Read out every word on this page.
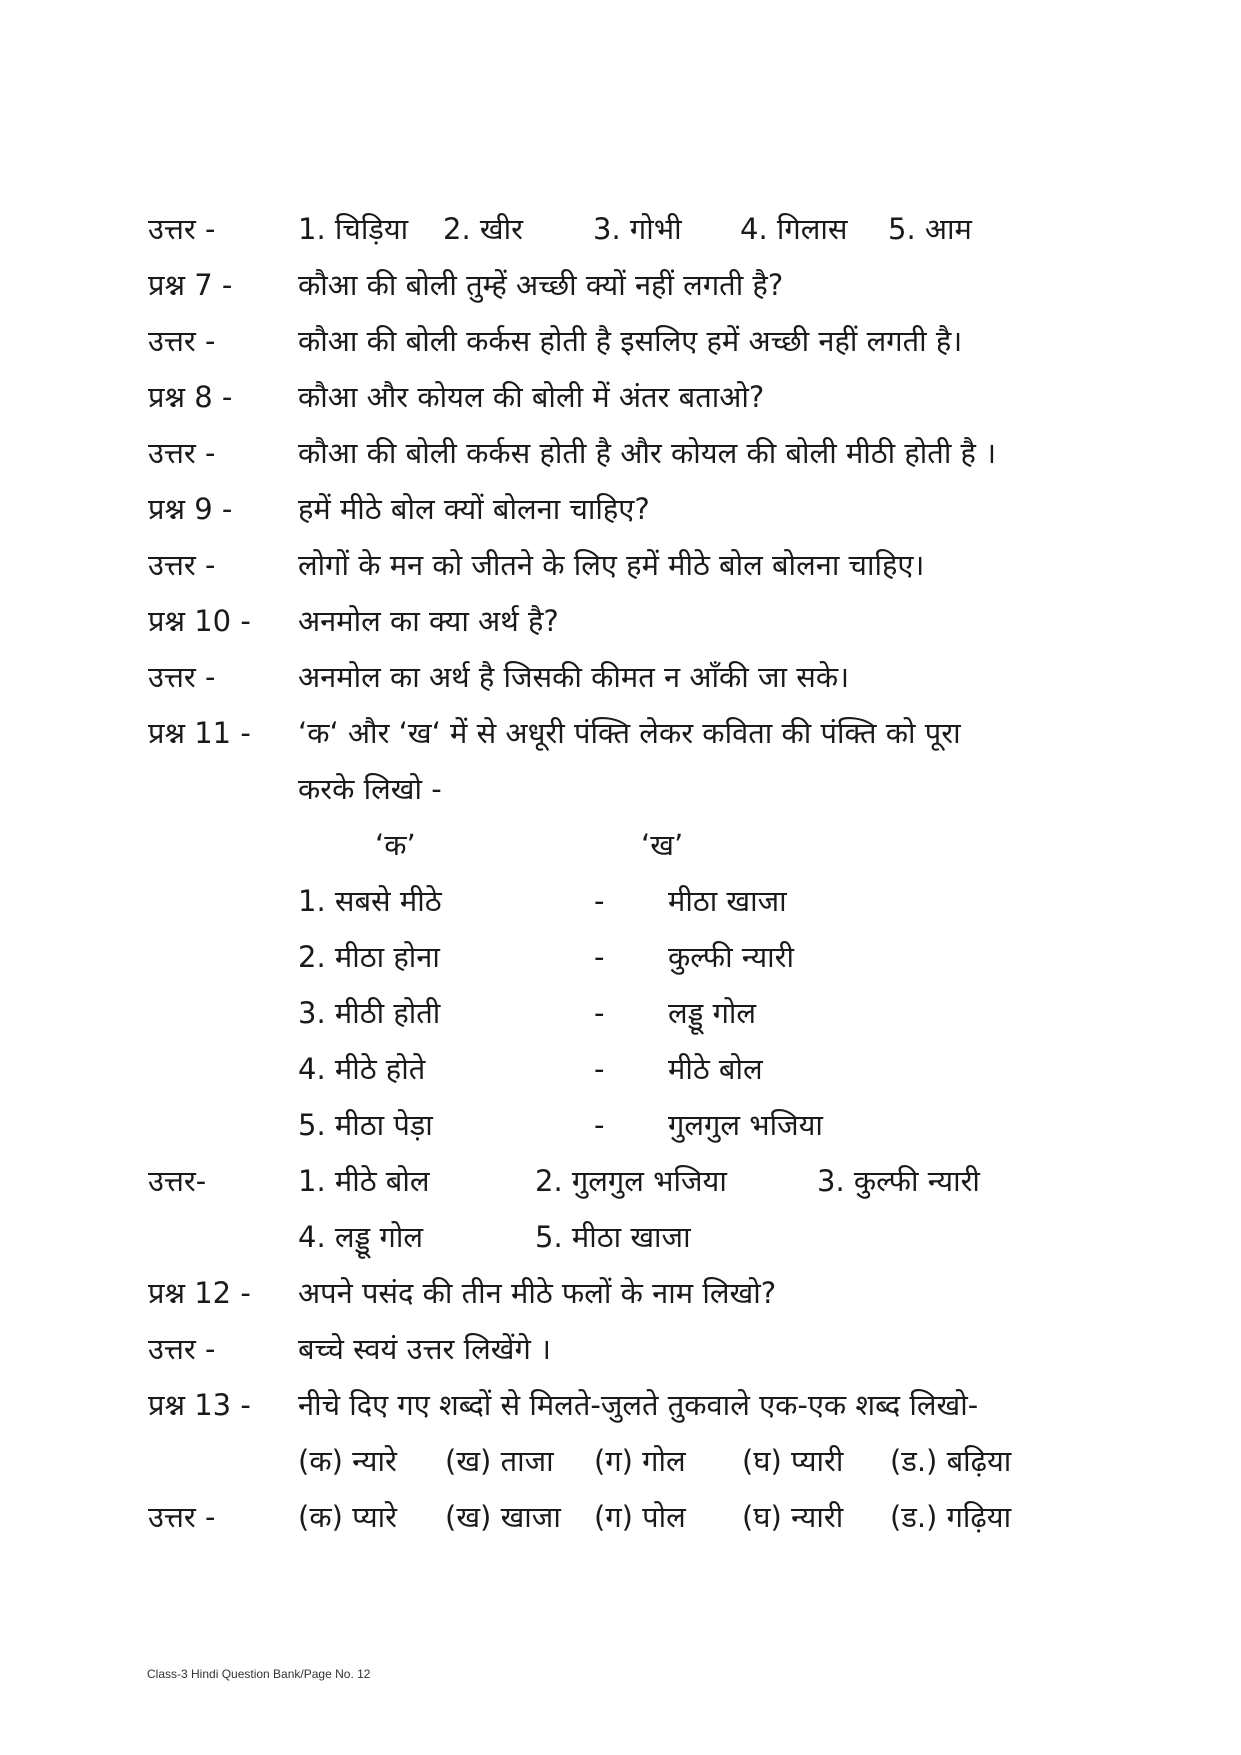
उत्तर -	1. चिड़िया 2. खीर 3. गोभी 4. गिलास 5. आम
प्रश्न 7 - कौआ की बोली तुम्हें अच्छी क्यों नहीं लगती है?
उत्तर -	कौआ की बोली कर्कस होती है इसलिए हमें अच्छी नहीं लगती है।
प्रश्न 8 - कौआ और कोयल की बोली में अंतर बताओ?
उत्तर -	कौआ की बोली कर्कस होती है और कोयल की बोली मीठी होती है ।
प्रश्न 9 - हमें मीठे बोल क्यों बोलना चाहिए?
उत्तर -	लोगों के मन को जीतने के लिए हमें मीठे बोल बोलना चाहिए।
प्रश्न 10 - अनमोल का क्या अर्थ है?
उत्तर -	अनमोल का अर्थ है जिसकी कीमत न आँकी जा सके।
प्रश्न 11 - ‘क‘ और ‘ख‘ में से अधूरी पंक्ति लेकर कविता की पंक्ति को पूरा
करके लिखो -
‘क’	‘ख’
1. सबसे मीठे	- मीठा खाजा
2. मीठा होना	- कुल्फी न्यारी
3. मीठी होती	- लड्डू गोल
4. मीठे होते	- मीठे बोल
5. मीठा पेड़ा	- गुलगुल भजिया
उत्तर-	1. मीठे बोल	2. गुलगुल भजिया	3. कुल्फी न्यारी
4. लड्डू गोल	5. मीठा खाजा
प्रश्न 12 - अपने पसंद की तीन मीठे फलों के नाम लिखो?
उत्तर -	बच्चे स्वयं उत्तर लिखेंगे ।
प्रश्न 13 - नीचे दिए गए शब्दों से मिलते-जुलते तुकवाले एक-एक शब्द लिखो-
(क) न्यारे (ख) ताजा (ग) गोल (घ) प्यारी (ड.) बढ़िया
उत्तर -	(क) प्यारे (ख) खाजा (ग) पोल (घ) न्यारी (ड.) गढ़िया
Class-3 Hindi Question Bank/Page No. 12
